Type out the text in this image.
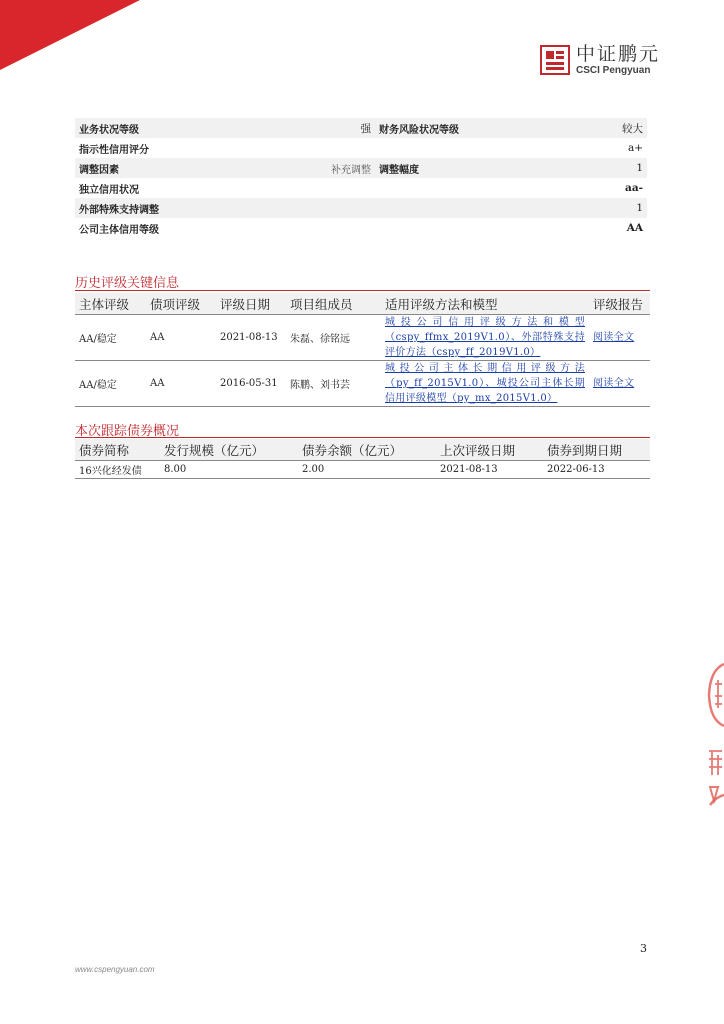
中证鹏元
CSCI Pengyuan
业务状况等级	强	财务风险状况等级	较大
指示性信用评分			a+
调整因素	补充调整	调整幅度	1
独立信用状况			aa-
外部特殊支持调整			1
公司主体信用等级			AA
历史评级关键信息
主体评级	债项评级	评级日期	项目组成员	适用评级方法和模型	评级报告
AA/稳定	AA	2021-08-13	朱磊、徐铭远	城投公司信用评级方法和模型（cspy_ffmx_2019V1.0）、外部特殊支持评价方法（cspy_ff_2019V1.0）	阅读全文
AA/稳定	AA	2016-05-31	陈鹏、刘书芸	城投公司主体长期信用评级方法（py_ff_2015V1.0）、城投公司主体长期信用评级模型（py_mx_2015V1.0）	阅读全文
本次跟踪债券概况
债券简称	发行规模（亿元）	债券余额（亿元）	上次评级日期	债券到期日期
16兴化经发债	8.00	2.00	2021-08-13	2022-06-13
3
www.cspengyuan.com
